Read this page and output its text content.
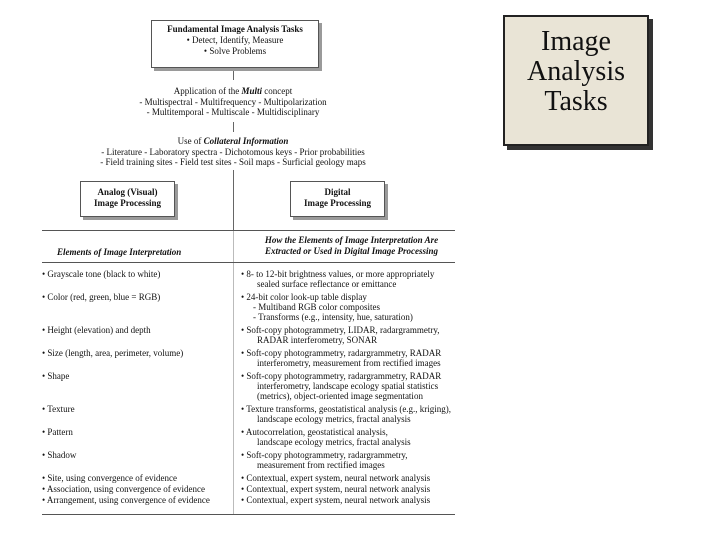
Image
Analysis
Tasks
Fundamental Image Analysis Tasks
• Detect, Identify, Measure
• Solve Problems
Application of the Multi concept
- Multispectral - Multifrequency - Multipolarization
- Multitemporal - Multiscale - Multidisciplinary
Use of Collateral Information
- Literature - Laboratory spectra - Dichotomous keys - Prior probabilities
- Field training sites - Field test sites - Soil maps - Surficial geology maps
Analog (Visual)
Image Processing
Digital
Image Processing
Elements of Image Interpretation
How the Elements of Image Interpretation Are
Extracted or Used in Digital Image Processing
• Grayscale tone (black to white)	• 8- to 12-bit brightness values, or more appropriately
sealed surface reflectance or emittance
• Color (red, green, blue = RGB)	• 24-bit color look-up table display
- Multiband RGB color composites
- Transforms (e.g., intensity, hue, saturation)
• Height (elevation) and depth	• Soft-copy photogrammetry, LIDAR, radargrammetry,
RADAR interferometry, SONAR
• Size (length, area, perimeter, volume)	• Soft-copy photogrammetry, radargrammetry, RADAR
interferometry, measurement from rectified images
• Shape	• Soft-copy photogrammetry, radargrammetry, RADAR
interferometry, landscape ecology spatial statistics
(metrics), object-oriented image segmentation
• Texture	• Texture transforms, geostatistical analysis (e.g., kriging),
landscape ecology metrics, fractal analysis
• Pattern	• Autocorrelation, geostatistical analysis,
landscape ecology metrics, fractal analysis
• Shadow	• Soft-copy photogrammetry, radargrammetry,
measurement from rectified images
• Site, using convergence of evidence	• Contextual, expert system, neural network analysis
• Association, using convergence of evidence	• Contextual, expert system, neural network analysis
• Arrangement, using convergence of evidence	• Contextual, expert system, neural network analysis
